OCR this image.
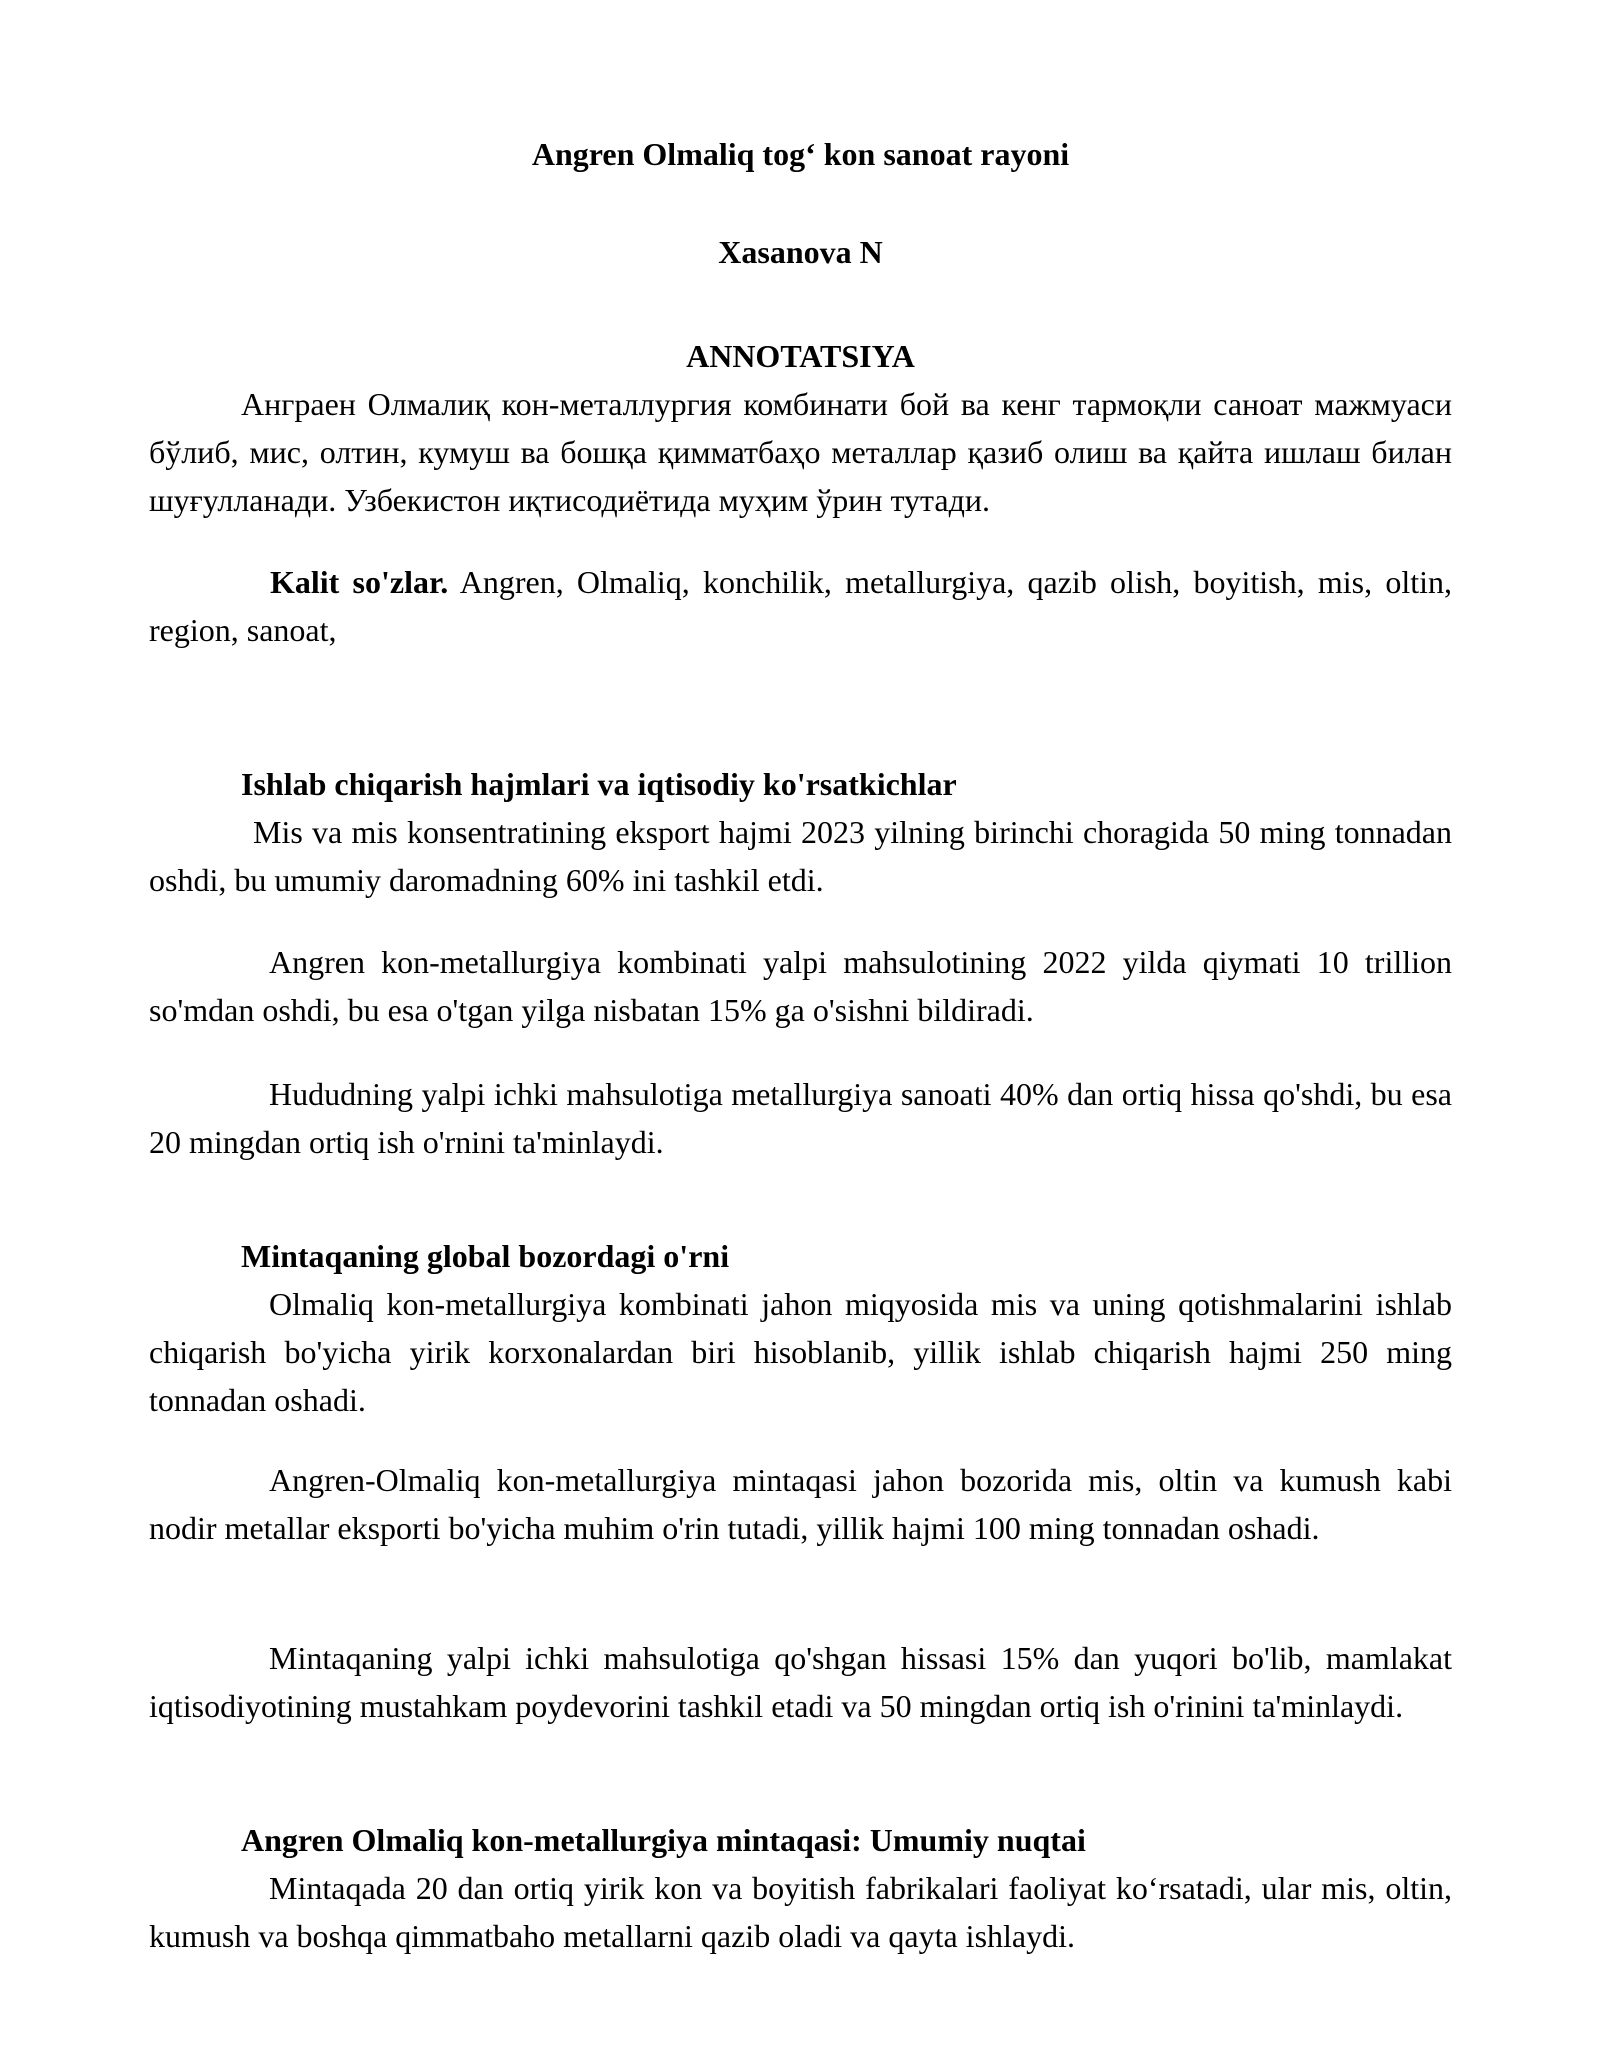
Angren Olmaliq tog‘ kon sanoat rayoni

Xasanova N

ANNOTATSIYA

Анграен Олмалиқ кон-металлургия комбинати бой ва кенг тармоқли саноат мажмуаси бўлиб, мис, олтин, кумуш ва бошқа қимматбаҳо металлар қазиб олиш ва қайта ишлаш билан шуғулланади. Узбекистон иқтисодиётида муҳим ўрин тутади.

Kalit so'zlar. Angren, Olmaliq, konchilik, metallurgiya, qazib olish, boyitish, mis, oltin, region, sanoat,

Ishlab chiqarish hajmlari va iqtisodiy ko'rsatkichlar

Mis va mis konsentratining eksport hajmi 2023 yilning birinchi choragida 50 ming tonnadan oshdi, bu umumiy daromadning 60% ini tashkil etdi.

Angren kon-metallurgiya kombinati yalpi mahsulotining 2022 yilda qiymati 10 trillion so'mdan oshdi, bu esa o'tgan yilga nisbatan 15% ga o'sishni bildiradi.

Hududning yalpi ichki mahsulotiga metallurgiya sanoati 40% dan ortiq hissa qo'shdi, bu esa 20 mingdan ortiq ish o'rnini ta'minlaydi.

Mintaqaning global bozordagi o'rni

Olmaliq kon-metallurgiya kombinati jahon miqyosida mis va uning qotishmalarini ishlab chiqarish bo'yicha yirik korxonalardan biri hisoblanib, yillik ishlab chiqarish hajmi 250 ming tonnadan oshadi.

Angren-Olmaliq kon-metallurgiya mintaqasi jahon bozorida mis, oltin va kumush kabi nodir metallar eksporti bo'yicha muhim o'rin tutadi, yillik hajmi 100 ming tonnadan oshadi.

Mintaqaning yalpi ichki mahsulotiga qo'shgan hissasi 15% dan yuqori bo'lib, mamlakat iqtisodiyotining mustahkam poydevorini tashkil etadi va 50 mingdan ortiq ish o'rinini ta'minlaydi.

Angren Olmaliq kon-metallurgiya mintaqasi: Umumiy nuqtai

Mintaqada 20 dan ortiq yirik kon va boyitish fabrikalari faoliyat ko‘rsatadi, ular mis, oltin, kumush va boshqa qimmatbaho metallarni qazib oladi va qayta ishlaydi.
